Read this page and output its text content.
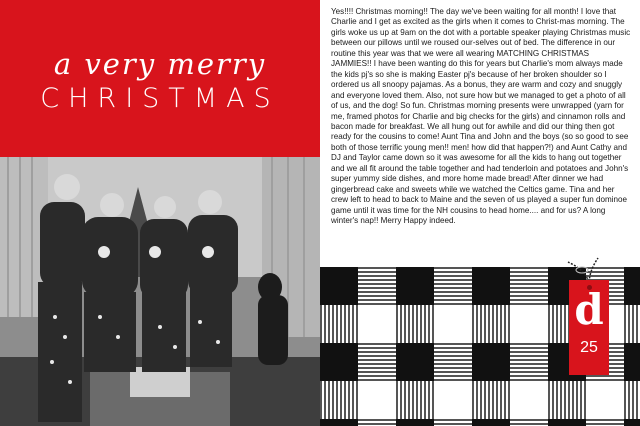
a very merry
CHRISTMAS
Yes!!!! Christmas morning!! The day we've been waiting for all month! I love that Charlie and I get as excited as the girls when it comes to Christ-mas morning. The girls woke us up at 9am on the dot with a portable speaker playing Christmas music between our pillows until we roused our-selves out of bed. The difference in our routine this year was that we were all wearing MATCHING CHRISTMAS JAMMIES!! I have been wanting do this for years but Charlie's mom always made the kids pj's so she is making Easter pj's because of her broken shoulder so I ordered us all snoopy pajamas. As a bonus, they are warm and cozy and snuggly and everyone loved them. Also, not sure how but we managed to get a photo of all of us, and the dog! So fun. Christmas morning presents were unwrapped (yarn for me, framed photos for Charlie and big checks for the girls) and cinnamon rolls and bacon made for breakfast. We all hung out for awhile and did our thing then got ready for the cousins to come! Aunt Tina and John and the boys (so so good to see both of those terrific young men!! men! how did that happen?!) and Aunt Cathy and DJ and Taylor came down so it was awesome for all the kids to hang out together and we all fit around the table together and had tenderloin and potatoes and John's super yummy side dishes, and more home made bread! After dinner we had gingerbread cake and sweets while we watched the Celtics game. Tina and her crew left to head to back to Maine and the seven of us played a super fun dominoe game until it was time for the NH cousins to head home.... and for us? A long winter's nap!! Merry Happy indeed.
d
25
